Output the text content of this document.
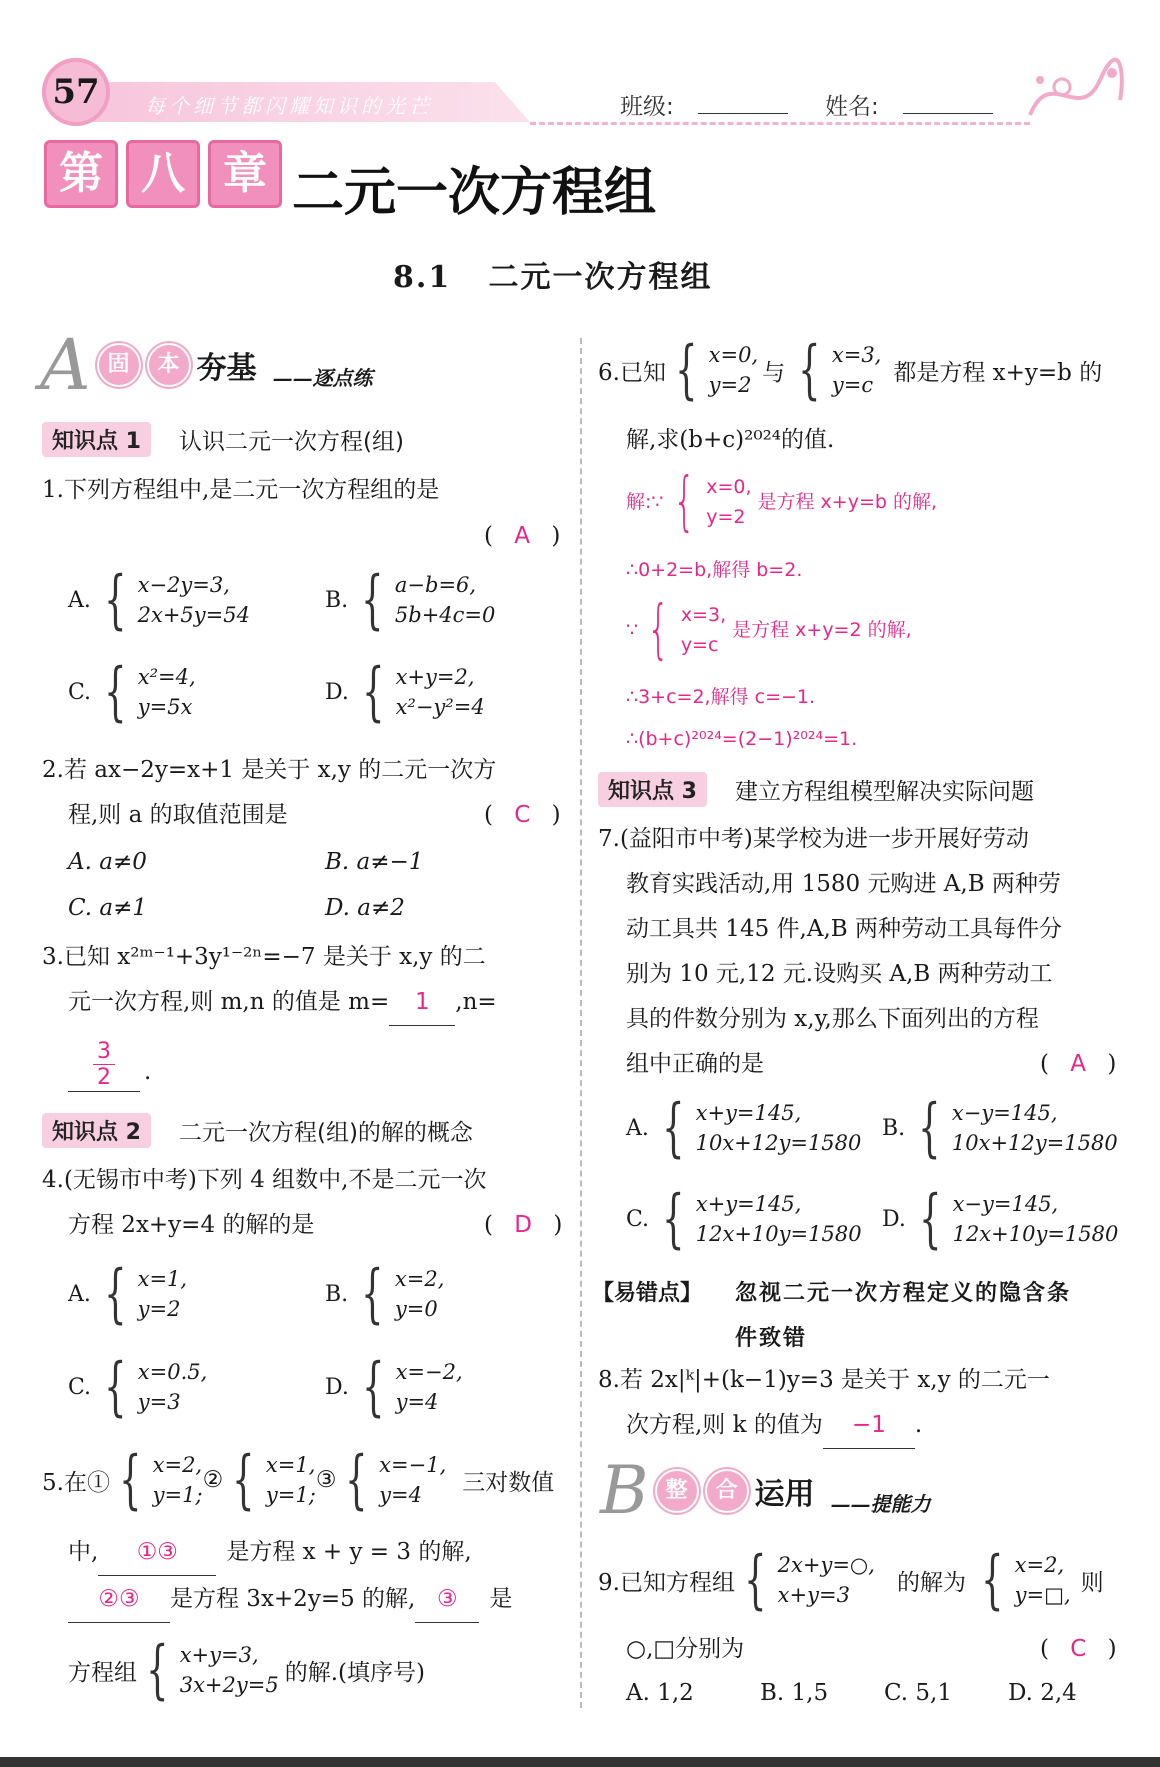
57	每个细节都闪耀知识的光芒	班级:	姓名:
第 八 章 二元一次方程组
8.1   二元一次方程组
A 固	本 夯基 ——逐点练
知识点 1	认识二元一次方程(组)
1.下列方程组中,是二元一次方程组的是
( A )
A. { x−2y=3,
2x+5y=54
B. { a−b=6,
5b+4c=0
C. { x²=4,
y=5x
D. { x+y=2,
x²−y²=4
2.若 ax−2y=x+1 是关于 x,y 的二元一次方
程,则 a 的取值范围是	( C )
A. a≠0	B. a≠−1
C. a≠1	D. a≠2
3.已知 x²ᵐ⁻¹+3y¹⁻²ⁿ=−7 是关于 x,y 的二
元一次方程,则 m,n 的值是 m= 1 ,n=
$\frac{3}{2}$ .
知识点 2	二元一次方程(组)的解的概念
4.(无锡市中考)下列 4 组数中,不是二元一次
方程 2x+y=4 的解的是	( D )
A. { x=1,
y=2
B. { x=2,
y=0
C. { x=0.5,
y=3
D. { x=−2,
y=4
5.在① { x=2,
y=1;
② { x=1,
y=1;
③ { x=−1,
y=4	三对数值
中, ①③ 是方程 x + y = 3 的解,
②③ 是方程 3x+2y=5 的解, ③ 是
方程组 { x+y=3,
3x+2y=5 的解.(填序号)
6.已知 { x=0,
y=2 与 { x=3,
y=c 都是方程 x+y=b 的
解,求(b+c)²⁰²⁴的值.
解:∵ { x=0,
y=2
是方程 x+y=b 的解,
∴0+2=b,解得 b=2.
∵ { x=3,
y=c
是方程 x+y=2 的解,
∴3+c=2,解得 c=−1.
∴(b+c)²⁰²⁴=(2−1)²⁰²⁴=1.
知识点 3	建立方程组模型解决实际问题
7.(益阳市中考)某学校为进一步开展好劳动
教育实践活动,用 1580 元购进 A,B 两种劳
动工具共 145 件,A,B 两种劳动工具每件分
别为 10 元,12 元.设购买 A,B 两种劳动工
具的件数分别为 x,y,那么下面列出的方程
组中正确的是	( A )
A. { x+y=145,
10x+12y=1580
B. { x−y=145,
10x+12y=1580
C. { x+y=145,
12x+10y=1580
D. { x−y=145,
12x+10y=1580
【易错点】 忽视二元一次方程定义的隐含条
件致错
8.若 2x|ᵏ|+(k−1)y=3 是关于 x,y 的二元一
次方程,则 k 的值为 −1 .
B 整	合 运用 ——提能力
9.已知方程组 { 2x+y=○,
x+y=3	的解为 { x=2,
y=□, 则
○,□分别为	( C )
A. 1,2	B. 1,5 C. 5,1 D. 2,4
